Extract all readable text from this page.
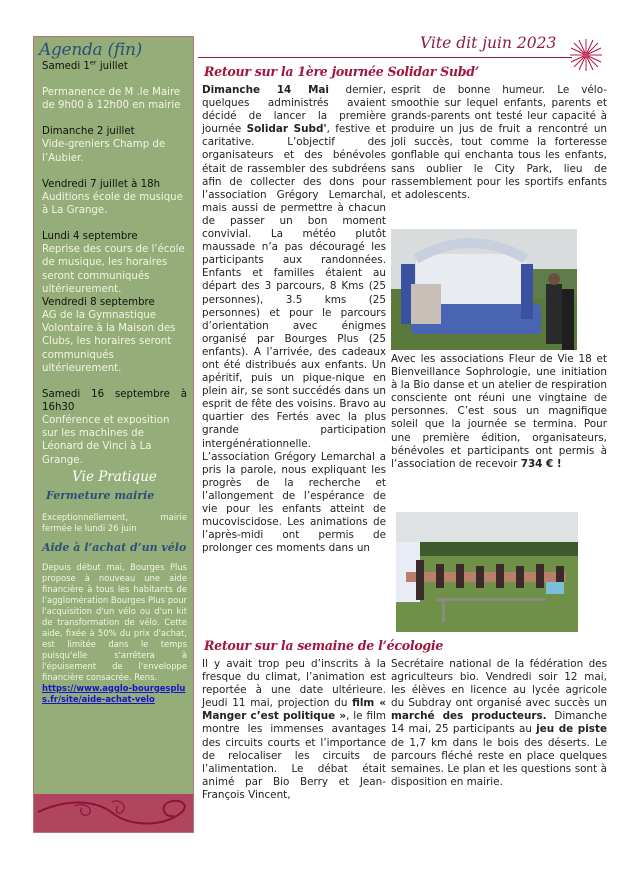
Agenda (fin)
Samedi 1er juillet
Permanence de M .le Maire de 9h00 à 12h00 en mairie
Dimanche 2 juillet
Vide-greniers Champ de l’Aubier.
Vendredi 7 juillet à 18h
Auditions école de musique à La Grange.
Lundi 4 septembre
Reprise des cours de l’école de musique, les horaires seront communiqués ultérieurement.
Vendredi 8 septembre
AG de la Gymnastique Volontaire à la Maison des Clubs, les horaires seront communiqués ultérieurement.
Samedi 16 septembre à 16h30
Conférence et exposition sur les machines de Léonard de Vinci à La Grange.
Vie Pratique
Fermeture mairie
Exceptionnellement, mairie fermée le lundi 26 juin
Aide à l’achat d’un vélo
Depuis début mai, Bourges Plus propose à nouveau une aide financière à tous les habitants de l’agglomération Bourges Plus pour l'acquisition d'un vélo ou d'un kit de transformation de vélo. Cette aide, fixée à 50% du prix d'achat, est limitée dans le temps puisqu'elle s'arrêtera à l'épuisement de l'enveloppe financière consacrée. Rens.
https://www.agglo-bourgesplus.fr/site/aide-achat-velo
Vite dit juin 2023
Retour sur la 1ère journée Solidar Subd’
Dimanche 14 Mai dernier, quelques administrés avaient décidé de lancer la première journée Solidar Subd', festive et caritative. L’objectif des organisateurs et des bénévoles était de rassembler des subdréens afin de collecter des dons pour l’association Grégory Lemarchal, mais aussi de permettre à chacun de passer un bon moment convivial. La météo plutôt maussade n’a pas découragé les participants aux randonnées. Enfants et familles étaient au départ des 3 parcours, 8 Kms (25 personnes), 3.5 kms (25 personnes) et pour le parcours d’orientation avec énigmes organisé par Bourges Plus (25 enfants). A l’arrivée, des cadeaux ont été distribués aux enfants. Un apéritif, puis un pique-nique en plein air, se sont succédés dans un esprit de fête des voisins. Bravo au quartier des Fertés avec la plus grande participation intergénérationnelle.
L’association Grégory Lemarchal a pris la parole, nous expliquant les progrès de la recherche et l’allongement de l’espérance de vie pour les enfants atteint de mucoviscidose. Les animations de l’après-midi ont permis de prolonger ces moments dans un
esprit de bonne humeur. Le vélo-smoothie sur lequel enfants, parents et grands-parents ont testé leur capacité à produire un jus de fruit a rencontré un joli succès, tout comme la forteresse gonflable qui enchanta tous les enfants, sans oublier le City Park, lieu de rassemblement pour les sportifs enfants et adolescents.
Avec les associations Fleur de Vie 18 et Bienveillance Sophrologie, une initiation à la Bio danse et un atelier de respiration consciente ont réuni une vingtaine de personnes. C’est sous un magnifique soleil que la journée se termina. Pour une première édition, organisateurs, bénévoles et participants ont permis à l’association de recevoir 734 € !
Retour sur la semaine de l’écologie
Il y avait trop peu d’inscrits à la fresque du climat, l’animation est reportée à une date ultérieure. Jeudi 11 mai, projection du film « Manger c’est politique », le film montre les immenses avantages des circuits courts et l’importance de relocaliser les circuits de l’alimentation. Le débat était animé par Bio Berry et Jean-François Vincent,
Secrétaire national de la fédération des agriculteurs bio. Vendredi soir 12 mai, les élèves en licence au lycée agricole du Subdray ont organisé avec succès un marché des producteurs. Dimanche 14 mai, 25 participants au jeu de piste de 1,7 km dans le bois des déserts. Le parcours fléché reste en place quelques semaines. Le plan et les questions sont à disposition en mairie.
